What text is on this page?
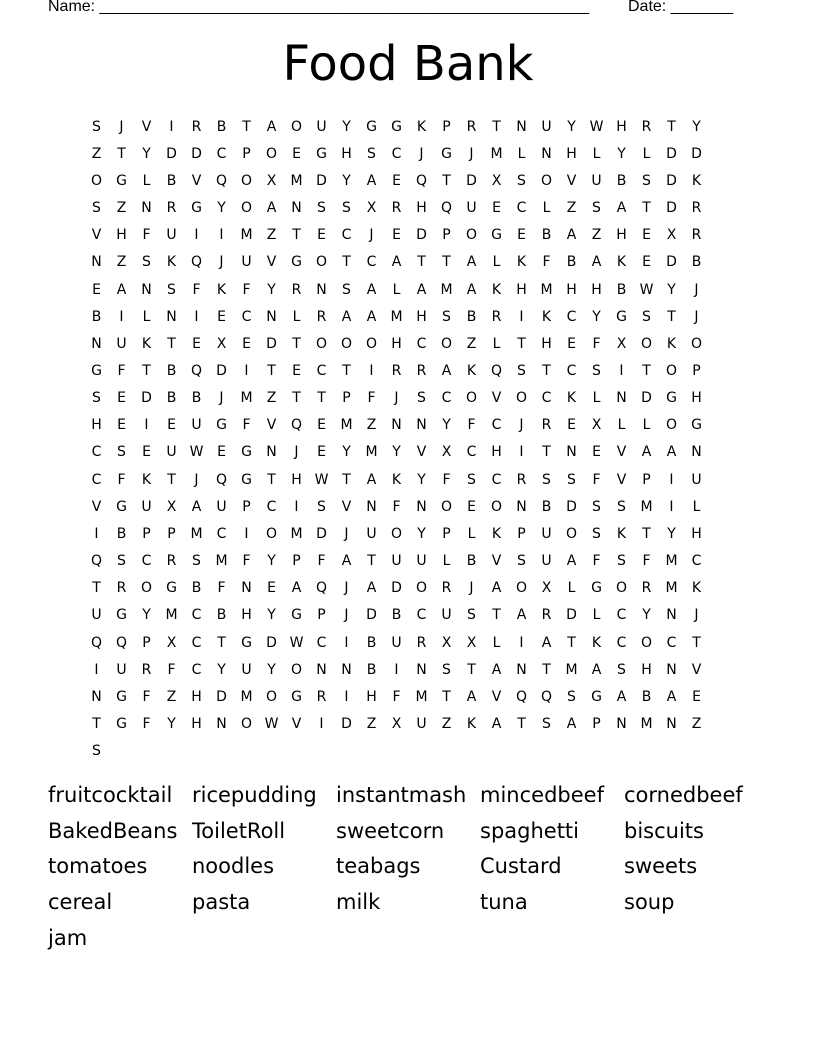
Name: _______________________________________________________ Date: _______
Food Bank
S	J	V	I	R	B	T	A	O	U	Y	G	G	K	P	R	T	N	U	Y W H	R	T	Y
Z	T	Y	D	D	C	P	O	E	G	H	S	C	J	G	J	M	L	N	H	L	Y	L	D	D
O	G	L	B	V	Q O	X	M D	Y	A	E	Q	T	D	X	S	O	V	U	B	S	D	K
S	Z	N	R	G	Y	O	A	N	S	S	X	R	H	Q	U	E	C	L	Z	S	A	T	D	R
V	H	F	U	I	I	M	Z	T	E	C	J	E	D	P	O	G	E	B	A	Z	H	E	X	R
N	Z	S	K	Q	J	U	V	G	O	T	C	A	T	T	A	L	K	F	B	A	K	E	D	B
E	A	N	S	F	K	F	Y	R	N	S	A	L	A	M	A	K	H M H	H	B W Y	J
B	I	L	N	I	E	C	N	L	R	A	A	M H	S	B	R	I	K	C	Y	G	S	T	J
N	U	K	T	E	X	E	D	T	O O O	H	C	O	Z	L	T	H	E	F	X	O	K	O
G	F	T	B	Q	D	I	T	E	C	T	I	R	R	A	K	Q	S	T	C	S	I	T	O	P
S	E	D	B	B	J	M	Z	T	T	P	F	J	S	C	O	V	O	C	K	L	N	D	G	H
H	E	I	E	U	G	F	V	Q	E	M	Z	N	N	Y	F	C	J	R	E	X	L	L	O	G
C	S	E	U W E	G	N	J	E	Y	M	Y	V	X	C	H	I	T	N	E	V	A	A	N
C	F	K	T	J	Q	G	T	H W T	A	K	Y	F	S	C	R	S	S	F	V	P	I	U
V	G	U	X	A	U	P	C	I	S	V	N	F	N	O	E	O	N	B	D	S	S	M	I	L
I	B	P	P	M	C	I	O M D	J	U	O	Y	P	L	K	P	U	O	S	K	T	Y	H
Q	S	C	R	S	M	F	Y	P	F	A	T	U	U	L	B	V	S	U	A	F	S	F	M	C
T	R	O	G	B	F	N	E	A	Q	J	A	D	O	R	J	A	O	X	L	G	O	R	M	K
U	G	Y	M	C	B	H	Y	G	P	J	D	B	C	U	S	T	A	R	D	L	C	Y	N	J
Q Q	P	X	C	T	G	D W C	I	B	U	R	X	X	L	I	A	T	K	C	O	C	T
I	U	R	F	C	Y	U	Y	O	N	N	B	I	N	S	T	A	N	T	M	A	S	H	N	V
N	G	F	Z	H	D M O	G	R	I	H	F	M	T	A	V	Q Q	S	G	A	B	A	E
T	G	F	Y	H	N	O W V	I	D	Z	X	U	Z	K	A	T	S	A	P	N M N	Z
S
fruitcocktail ricepudding instantmash mincedbeef cornedbeef
BakedBeans ToiletRoll	sweetcorn	spaghetti	biscuits
tomatoes	noodles	teabags	Custard	sweets
cereal	pasta	milk	tuna	soup
jam
